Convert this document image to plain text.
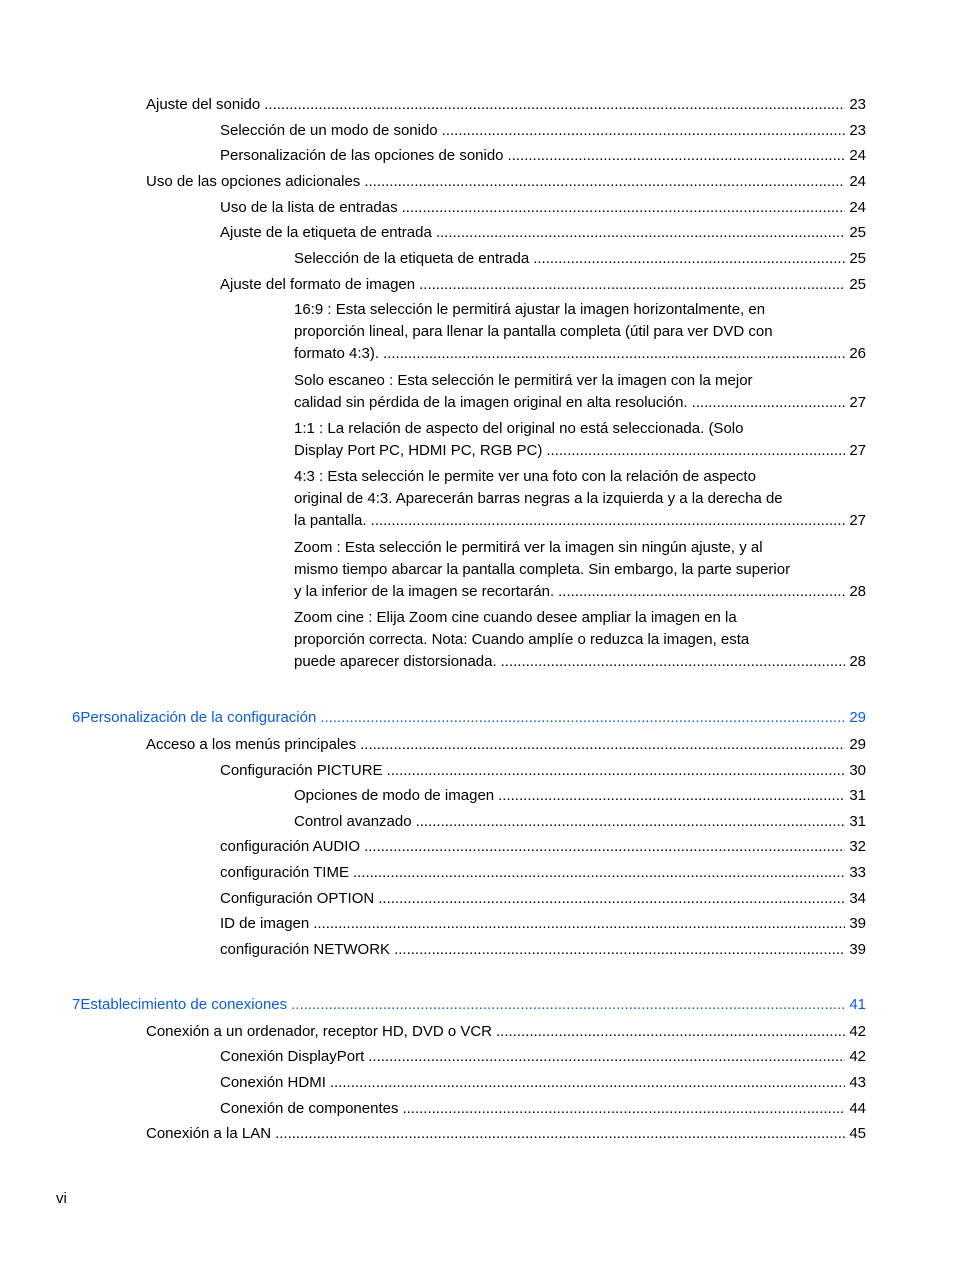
Ajuste del sonido .....	23
Selección de un modo de sonido .....	23
Personalización de las opciones de sonido .....	24
Uso de las opciones adicionales .....	24
Uso de la lista de entradas .....	24
Ajuste de la etiqueta de entrada .....	25
Selección de la etiqueta de entrada .....	25
Ajuste del formato de imagen .....	25
16:9 : Esta selección le permitirá ajustar la imagen horizontalmente, en
proporción lineal, para llenar la pantalla completa (útil para ver DVD con
formato 4:3). .....	26
Solo escaneo : Esta selección le permitirá ver la imagen con la mejor
calidad sin pérdida de la imagen original en alta resolución. .....	27
1:1 : La relación de aspecto del original no está seleccionada. (Solo
Display Port PC, HDMI PC, RGB PC) .....	27
4:3 : Esta selección le permite ver una foto con la relación de aspecto
original de 4:3. Aparecerán barras negras a la izquierda y a la derecha de
la pantalla. .....	27
Zoom : Esta selección le permitirá ver la imagen sin ningún ajuste, y al
mismo tiempo abarcar la pantalla completa. Sin embargo, la parte superior
y la inferior de la imagen se recortarán. .....	28
Zoom cine : Elija Zoom cine cuando desee ampliar la imagen en la
proporción correcta. Nota: Cuando amplíe o reduzca la imagen, esta
puede aparecer distorsionada. .....	28
6 Personalización de la configuración .....	29
Acceso a los menús principales .....	29
Configuración PICTURE .....	30
Opciones de modo de imagen .....	31
Control avanzado .....	31
configuración AUDIO .....	32
configuración TIME .....	33
Configuración OPTION .....	34
ID de imagen .....	39
configuración NETWORK .....	39
7 Establecimiento de conexiones .....	41
Conexión a un ordenador, receptor HD, DVD o VCR .....	42
Conexión DisplayPort .....	42
Conexión HDMI .....	43
Conexión de componentes .....	44
Conexión a la LAN .....	45
vi
